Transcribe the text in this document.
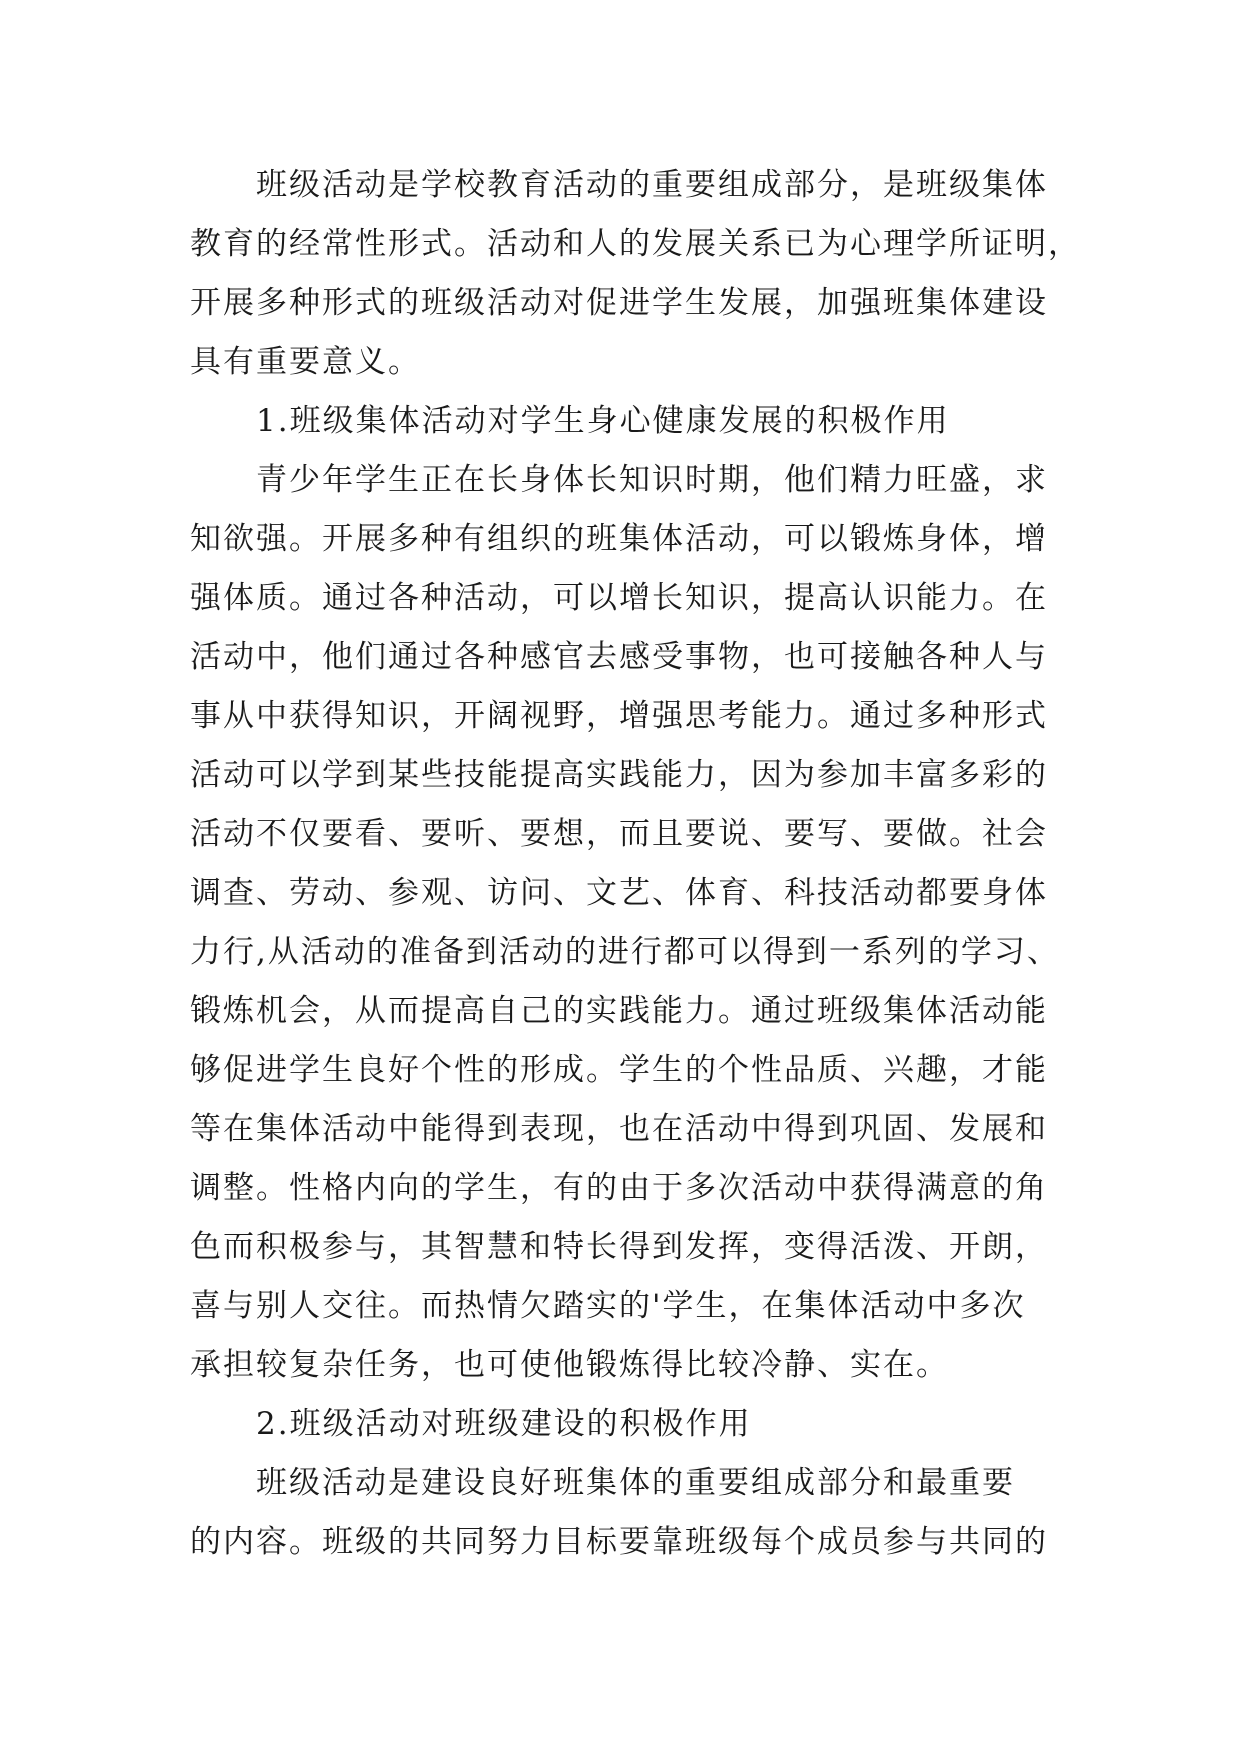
班级活动是学校教育活动的重要组成部分，是班级集体
教育的经常性形式。活动和人的发展关系已为心理学所证明，
开展多种形式的班级活动对促进学生发展，加强班集体建设
具有重要意义。
1.班级集体活动对学生身心健康发展的积极作用
青少年学生正在长身体长知识时期，他们精力旺盛，求
知欲强。开展多种有组织的班集体活动，可以锻炼身体，增
强体质。通过各种活动，可以增长知识，提高认识能力。在
活动中，他们通过各种感官去感受事物，也可接触各种人与
事从中获得知识，开阔视野，增强思考能力。通过多种形式
活动可以学到某些技能提高实践能力，因为参加丰富多彩的
活动不仅要看、要听、要想，而且要说、要写、要做。社会
调查、劳动、参观、访问、文艺、体育、科技活动都要身体
力行,从活动的准备到活动的进行都可以得到一系列的学习、
锻炼机会，从而提高自己的实践能力。通过班级集体活动能
够促进学生良好个性的形成。学生的个性品质、兴趣，才能
等在集体活动中能得到表现，也在活动中得到巩固、发展和
调整。性格内向的学生，有的由于多次活动中获得满意的角
色而积极参与，其智慧和特长得到发挥，变得活泼、开朗，
喜与别人交往。而热情欠踏实的'学生，在集体活动中多次
承担较复杂任务，也可使他锻炼得比较冷静、实在。
2.班级活动对班级建设的积极作用
班级活动是建设良好班集体的重要组成部分和最重要
的内容。班级的共同努力目标要靠班级每个成员参与共同的
